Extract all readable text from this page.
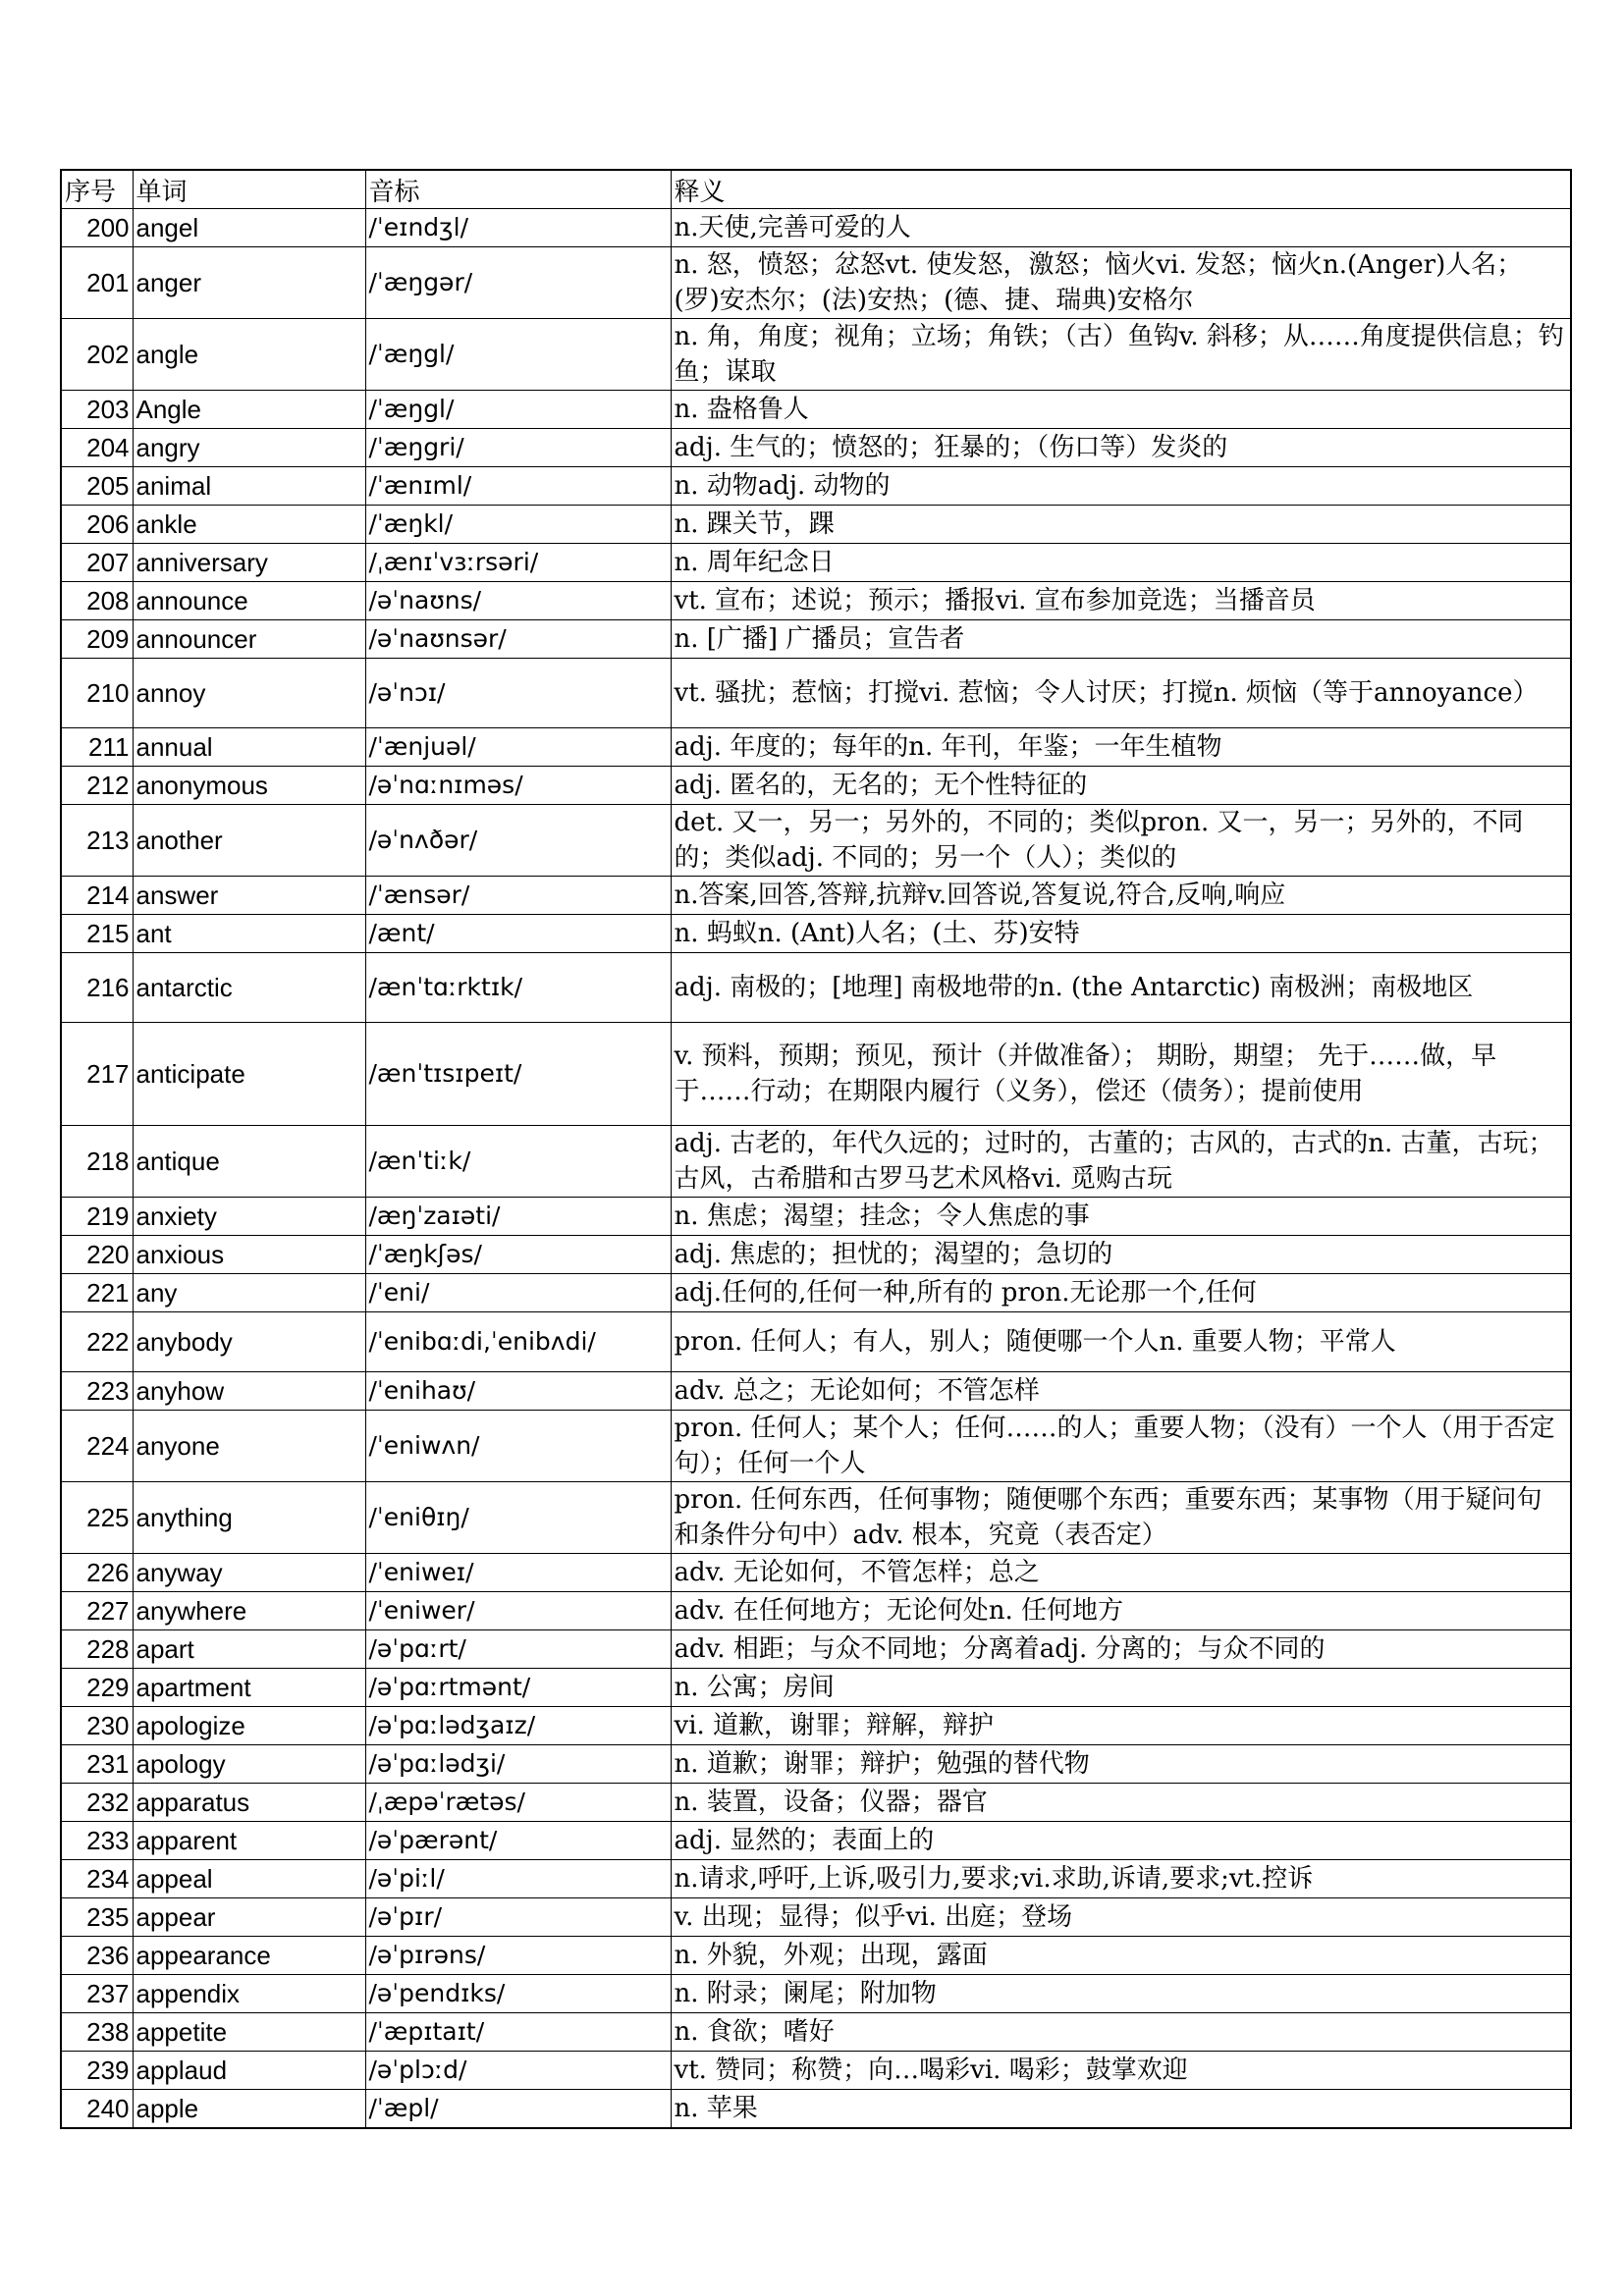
序号	单词	音标	释义
200	angel	/ˈeɪndʒl/	n.天使,完善可爱的人
201	anger	/ˈæŋgər/	n. 怒，愤怒；忿怒vt. 使发怒，激怒；恼火vi. 发怒；恼火n.(Anger)人名；(罗)安杰尔；(法)安热；(德、捷、瑞典)安格尔
202	angle	/ˈæŋgl/	n. 角，角度；视角；立场；角铁；（古）鱼钩v. 斜移；从……角度提供信息；钓鱼；谋取
203	Angle	/ˈæŋgl/	n. 盎格鲁人
204	angry	/ˈæŋgri/	adj. 生气的；愤怒的；狂暴的；（伤口等）发炎的
205	animal	/ˈænɪml/	n. 动物adj. 动物的
206	ankle	/ˈæŋkl/	n. 踝关节，踝
207	anniversary	/ˌænɪˈvɜːrsəri/	n. 周年纪念日
208	announce	/əˈnaʊns/	vt. 宣布；述说；预示；播报vi. 宣布参加竞选；当播音员
209	announcer	/əˈnaʊnsər/	n. [广播] 广播员；宣告者
210	annoy	/əˈnɔɪ/	vt. 骚扰；惹恼；打搅vi. 惹恼；令人讨厌；打搅n. 烦恼（等于annoyance）
211	annual	/ˈænjuəl/	adj. 年度的；每年的n. 年刊，年鉴；一年生植物
212	anonymous	/əˈnɑːnɪməs/	adj. 匿名的，无名的；无个性特征的
213	another	/əˈnʌðər/	det. 又一，另一；另外的，不同的；类似pron. 又一，另一；另外的，不同的；类似adj. 不同的；另一个（人）；类似的
214	answer	/ˈænsər/	n.答案,回答,答辩,抗辩v.回答说,答复说,符合,反响,响应
215	ant	/ænt/	n. 蚂蚁n. (Ant)人名；(土、芬)安特
216	antarctic	/ænˈtɑːrktɪk/	adj. 南极的；[地理] 南极地带的n. (the Antarctic) 南极洲；南极地区
217	anticipate	/ænˈtɪsɪpeɪt/	v. 预料，预期；预见，预计（并做准备）； 期盼，期望； 先于……做，早于……行动；在期限内履行（义务），偿还（债务）；提前使用
218	antique	/ænˈtiːk/	adj. 古老的，年代久远的；过时的，古董的；古风的，古式的n. 古董，古玩；古风，古希腊和古罗马艺术风格vi. 觅购古玩
219	anxiety	/æŋˈzaɪəti/	n. 焦虑；渴望；挂念；令人焦虑的事
220	anxious	/ˈæŋkʃəs/	adj. 焦虑的；担忧的；渴望的；急切的
221	any	/ˈeni/	adj.任何的,任何一种,所有的 pron.无论那一个,任何
222	anybody	/ˈenibɑːdi,ˈenibʌdi/	pron. 任何人；有人，别人；随便哪一个人n. 重要人物；平常人
223	anyhow	/ˈenihaʊ/	adv. 总之；无论如何；不管怎样
224	anyone	/ˈeniwʌn/	pron. 任何人；某个人；任何……的人；重要人物；（没有）一个人（用于否定句）；任何一个人
225	anything	/ˈeniθɪŋ/	pron. 任何东西，任何事物；随便哪个东西；重要东西；某事物（用于疑问句和条件分句中）adv. 根本，究竟（表否定）
226	anyway	/ˈeniweɪ/	adv. 无论如何，不管怎样；总之
227	anywhere	/ˈeniwer/	adv. 在任何地方；无论何处n. 任何地方
228	apart	/əˈpɑːrt/	adv. 相距；与众不同地；分离着adj. 分离的；与众不同的
229	apartment	/əˈpɑːrtmənt/	n. 公寓；房间
230	apologize	/əˈpɑːlədʒaɪz/	vi. 道歉，谢罪；辩解，辩护
231	apology	/əˈpɑːlədʒi/	n. 道歉；谢罪；辩护；勉强的替代物
232	apparatus	/ˌæpəˈrætəs/	n. 装置，设备；仪器；器官
233	apparent	/əˈpærənt/	adj. 显然的；表面上的
234	appeal	/əˈpiːl/	n.请求,呼吁,上诉,吸引力,要求;vi.求助,诉请,要求;vt.控诉
235	appear	/əˈpɪr/	v. 出现；显得；似乎vi. 出庭；登场
236	appearance	/əˈpɪrəns/	n. 外貌，外观；出现，露面
237	appendix	/əˈpendɪks/	n. 附录；阑尾；附加物
238	appetite	/ˈæpɪtaɪt/	n. 食欲；嗜好
239	applaud	/əˈplɔːd/	vt. 赞同；称赞；向…喝彩vi. 喝彩；鼓掌欢迎
240	apple	/ˈæpl/	n. 苹果
